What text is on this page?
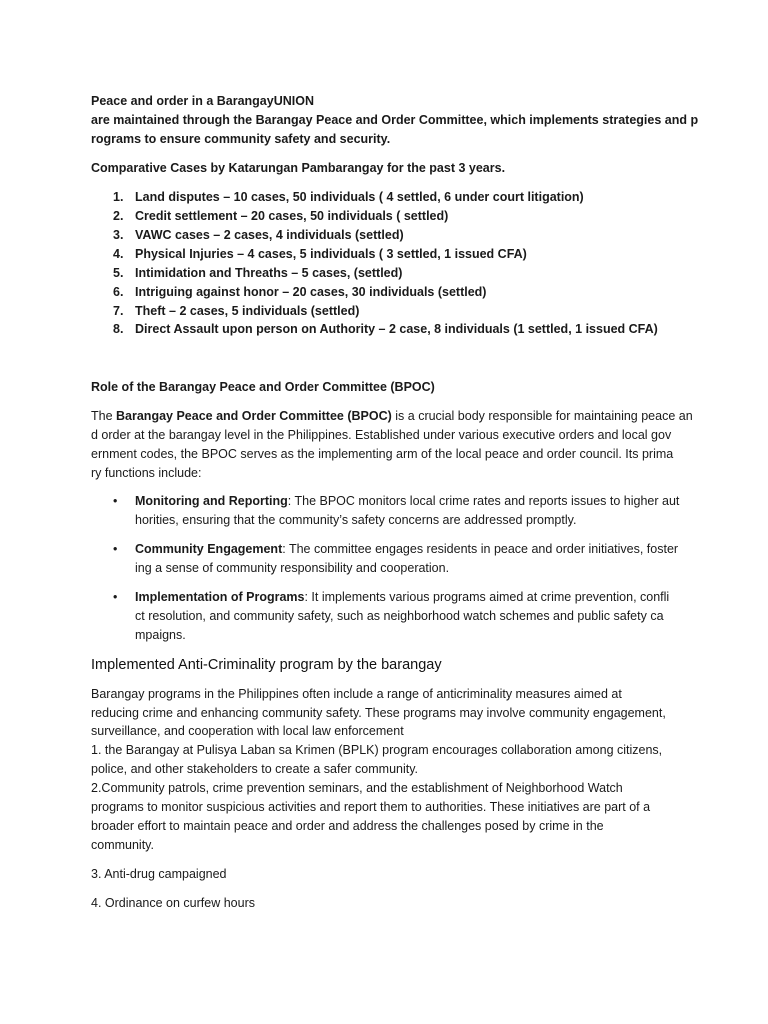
Peace and order in a BarangayUNION
are maintained through the Barangay Peace and Order Committee, which implements strategies and p
rograms to ensure community safety and security.
Comparative Cases by Katarungan Pambarangay for the past 3 years.
1. Land disputes – 10 cases, 50 individuals ( 4 settled, 6 under court litigation)
2. Credit settlement – 20 cases, 50 individuals ( settled)
3. VAWC cases – 2 cases, 4 individuals (settled)
4. Physical Injuries – 4 cases, 5 individuals ( 3 settled, 1 issued CFA)
5. Intimidation and Threaths – 5 cases, (settled)
6. Intriguing against honor – 20 cases, 30 individuals (settled)
7. Theft – 2 cases, 5 individuals (settled)
8. Direct Assault upon person on Authority – 2 case, 8 individuals (1 settled, 1 issued CFA)
Role of the Barangay Peace and Order Committee (BPOC)
The Barangay Peace and Order Committee (BPOC) is a crucial body responsible for maintaining peace an
d order at the barangay level in the Philippines. Established under various executive orders and local gov
ernment codes, the BPOC serves as the implementing arm of the local peace and order council. Its prima
ry functions include:
• Monitoring and Reporting: The BPOC monitors local crime rates and reports issues to higher aut
horities, ensuring that the community’s safety concerns are addressed promptly.
• Community Engagement: The committee engages residents in peace and order initiatives, foster
ing a sense of community responsibility and cooperation.
• Implementation of Programs: It implements various programs aimed at crime prevention, confli
ct resolution, and community safety, such as neighborhood watch schemes and public safety ca
mpaigns.
Implemented Anti-Criminality program by the barangay
Barangay programs in the Philippines often include a range of anticriminality measures aimed at
reducing crime and enhancing community safety. These programs may involve community engagement,
surveillance, and cooperation with local law enforcement
1. the Barangay at Pulisya Laban sa Krimen (BPLK) program encourages collaboration among citizens,
police, and other stakeholders to create a safer community.
2.Community patrols, crime prevention seminars, and the establishment of Neighborhood Watch
programs to monitor suspicious activities and report them to authorities. These initiatives are part of a
broader effort to maintain peace and order and address the challenges posed by crime in the
community.
3. Anti-drug campaigned
4. Ordinance on curfew hours
